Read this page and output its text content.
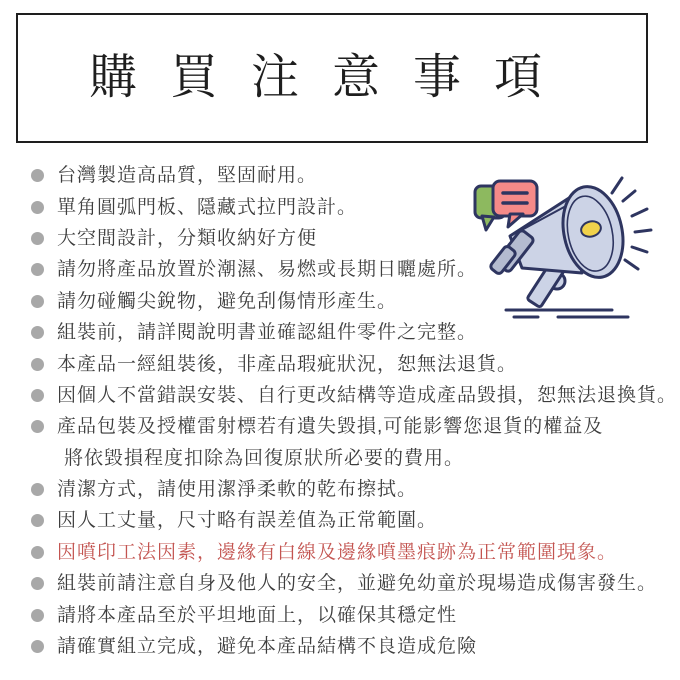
購買注意事項
台灣製造高品質，堅固耐用。
單角圓弧門板、隱藏式拉門設計。
大空間設計，分類收納好方便
請勿將產品放置於潮濕、易燃或長期日曬處所。
請勿碰觸尖銳物，避免刮傷情形產生。
組裝前，請詳閱說明書並確認組件零件之完整。
本產品一經組裝後，非產品瑕疵狀況，恕無法退貨。
因個人不當錯誤安裝、自行更改結構等造成產品毀損，恕無法退換貨。
產品包裝及授權雷射標若有遺失毀損,可能影響您退貨的權益及
將依毀損程度扣除為回復原狀所必要的費用。
清潔方式，請使用潔淨柔軟的乾布擦拭。
因人工丈量，尺寸略有誤差值為正常範圍。
因噴印工法因素，邊緣有白線及邊緣噴墨痕跡為正常範圍現象。
組裝前請注意自身及他人的安全，並避免幼童於現場造成傷害發生。
請將本產品至於平坦地面上，以確保其穩定性
請確實組立完成，避免本產品結構不良造成危險
